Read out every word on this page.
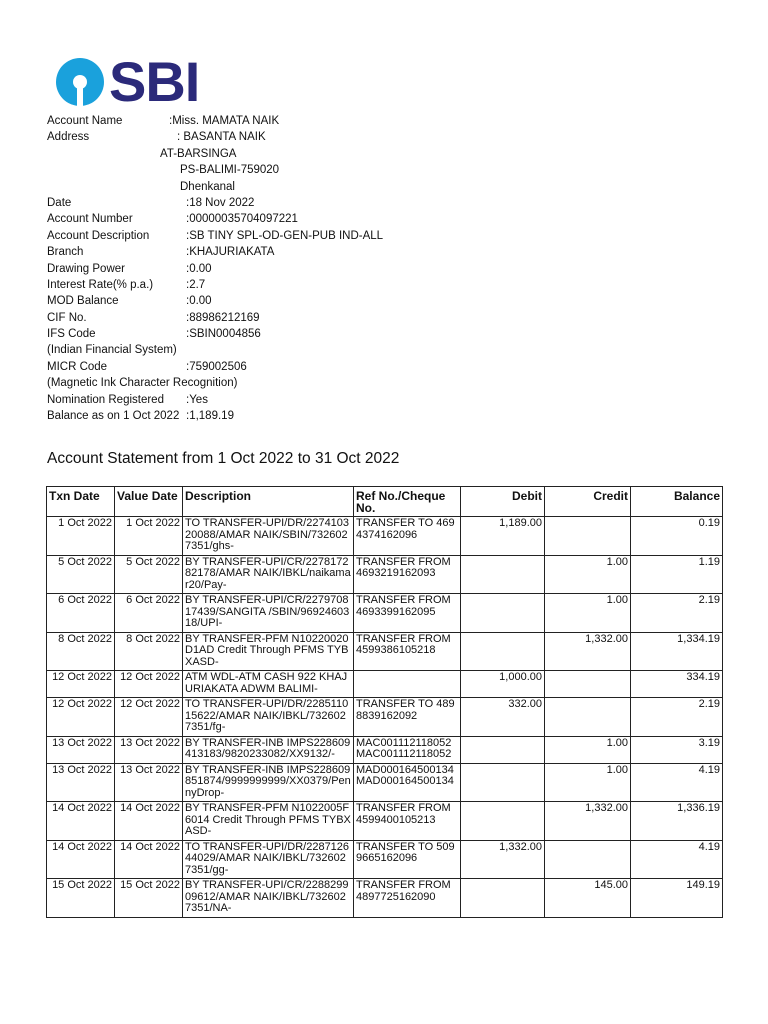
SBI
Account Name	:Miss. MAMATA NAIK
Address	: BASANTA NAIK
AT-BARSINGA
PS-BALIMI-759020
Dhenkanal
Date	:18 Nov 2022
Account Number	:00000035704097221
Account Description	:SB TINY SPL-OD-GEN-PUB IND-ALL
Branch	:KHAJURIAKATA
Drawing Power	:0.00
Interest Rate(% p.a.)	:2.7
MOD Balance	:0.00
CIF No.	:88986212169
IFS Code	:SBIN0004856
(Indian Financial System)
MICR Code	:759002506
(Magnetic Ink Character Recognition)
Nomination Registered :Yes
Balance as on 1 Oct 2022 :1,189.19
Account Statement from 1 Oct 2022 to 31 Oct 2022
Txn Date	Value Date	Description	Ref No./Cheque No.	Debit	Credit	Balance

1 Oct 2022	1 Oct 2022	TO TRANSFER-UPI/DR/227410320088/AMAR NAIK/SBIN/7326027351/ghs-	TRANSFER TO 4694374162096	1,189.00		0.19

5 Oct 2022	5 Oct 2022	BY TRANSFER-UPI/CR/227817282178/AMAR NAIK/IBKL/naikamar20/Pay-	TRANSFER FROM 4693219162093		1.00	1.19

6 Oct 2022	6 Oct 2022	BY TRANSFER-UPI/CR/227970817439/SANGITA /SBIN/9692460318/UPI-	TRANSFER FROM 4693399162095		1.00	2.19

8 Oct 2022	8 Oct 2022	BY TRANSFER-PFM N10220020D1AD Credit Through PFMS TYBXASD-	TRANSFER FROM 4599386105218		1,332.00	1,334.19

12 Oct 2022	12 Oct 2022	ATM WDL-ATM CASH 922 KHAJURIAKATA ADWM BALIMI-		1,000.00		334.19

12 Oct 2022	12 Oct 2022	TO TRANSFER-UPI/DR/228511015622/AMAR NAIK/IBKL/7326027351/fg-	TRANSFER TO 4898839162092	332.00		2.19

13 Oct 2022	13 Oct 2022	BY TRANSFER-INB IMPS228609413183/9820233082/XX9132/-	MAC001112118052 MAC001112118052		1.00	3.19

13 Oct 2022	13 Oct 2022	BY TRANSFER-INB IMPS228609851874/9999999999/XX0379/PennyDrop-	MAD000164500134 MAD000164500134		1.00	4.19

14 Oct 2022	14 Oct 2022	BY TRANSFER-PFM N1022005F6014 Credit Through PFMS TYBXASD-	TRANSFER FROM 4599400105213		1,332.00	1,336.19

14 Oct 2022	14 Oct 2022	TO TRANSFER-UPI/DR/228712644029/AMAR NAIK/IBKL/7326027351/gg-	TRANSFER TO 5099665162096	1,332.00		4.19

15 Oct 2022	15 Oct 2022	BY TRANSFER-UPI/CR/228829909612/AMAR NAIK/IBKL/7326027351/NA-	TRANSFER FROM 4897725162090		145.00	149.19
